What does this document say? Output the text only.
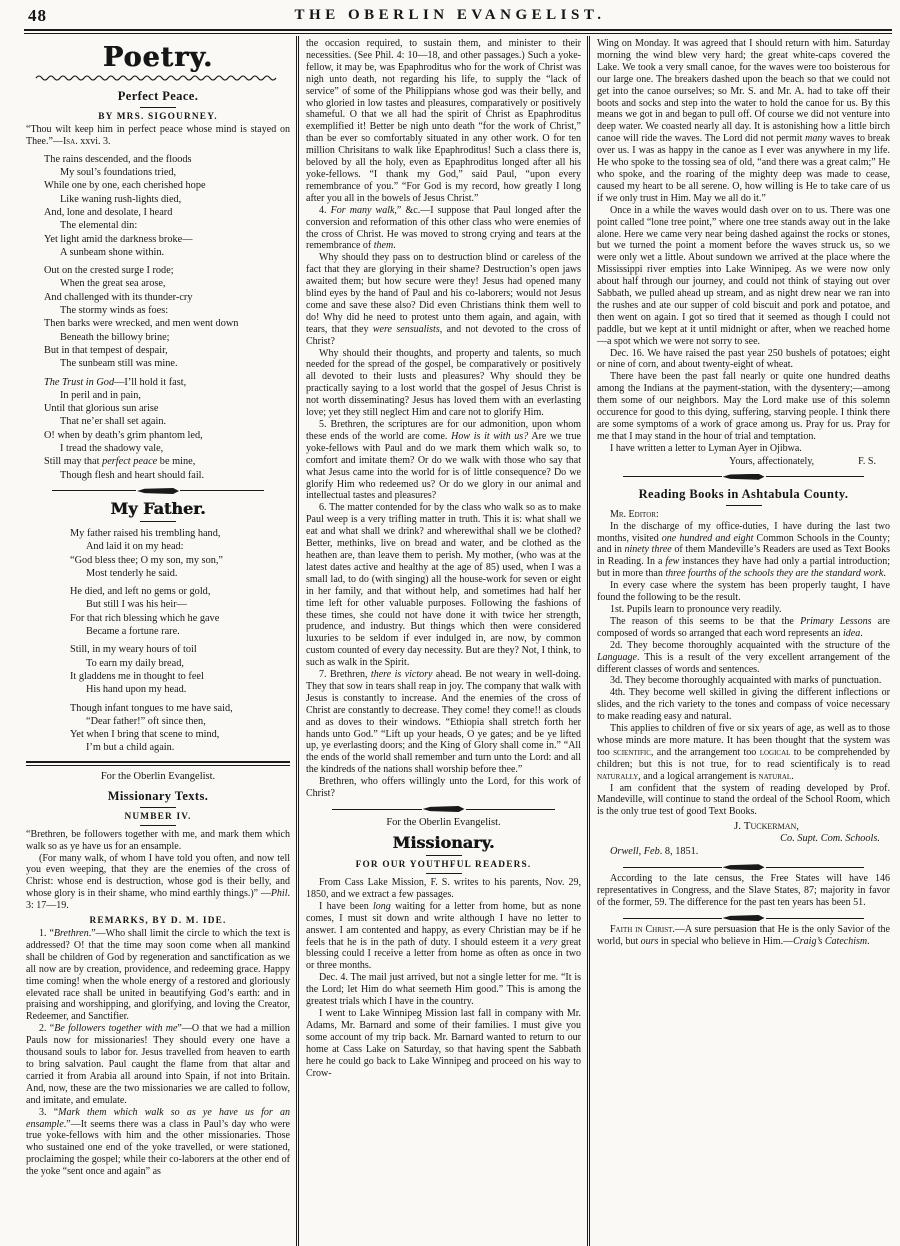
48	THE OBERLIN EVANGELIST.
Poetry.
Perfect Peace.
BY MRS. SIGOURNEY.

“Thou wilt keep him in perfect peace whose mind is stayed on Thee.”—Isa. xxvi. 3.

The rains descended, and the floods
My soul’s foundations tried,
While one by one, each cherished hope
Like waning rush-lights died,
And, lone and desolate, I heard
The elemental din:
Yet light amid the darkness broke—
A sunbeam shone within.
Out on the crested surge I rode;
When the great sea arose,
And challenged with its thunder-cry
The stormy winds as foes:
Then barks were wrecked, and men went down
Beneath the billowy brine;
But in that tempest of despair,
The sunbeam still was mine.
The Trust in God—I’ll hold it fast,
In peril and in pain,
Until that glorious sun arise
That ne’er shall set again.
O! when by death’s grim phantom led,
I tread the shadowy vale,
Still may that perfect peace be mine,
Though flesh and heart should fail.
My Father.
My father raised his trembling hand,
And laid it on my head:
“God bless thee; O my son, my son,”
Most tenderly he said.
He died, and left no gems or gold,
But still I was his heir—
For that rich blessing which he gave
Became a fortune rare.
Still, in my weary hours of toil
To earn my daily bread,
It gladdens me in thought to feel
His hand upon my head.
Though infant tongues to me have said,
“Dear father!” oft since then,
Yet when I bring that scene to mind,
I’m but a child again.
For the Oberlin Evangelist.
Missionary Texts.
NUMBER IV.

“Brethren, be followers together with me, and mark them which walk so as ye have us for an ensample.

(For many walk, of whom I have told you often, and now tell you even weeping, that they are the enemies of the cross of Christ: whose end is destruction, whose god is their belly, and whose glory is in their shame, who mind earthly things.)” —Phil. 3: 17—19.

REMARKS, BY D. M. IDE.

1. “Brethren.”—Who shall limit the circle to which the text is addressed? O! that the time may soon come when all mankind shall be children of God by regeneration and sanctification as we all now are by creation, providence, and redeeming grace. Happy time coming! when the whole energy of a restored and gloriously elevated race shall be united in beautifying God’s earth: and in praising and worshipping, and glorifying, and loving the Creator, Redeemer, and Sanctifier.

2. “Be followers together with me”—O that we had a million Pauls now for missionaries! They should every one have a thousand souls to labor for. Jesus travelled from heaven to earth to bring salvation. Paul caught the flame from that altar and carried it from Arabia all around into Spain, if not into Britain. And, now, these are the two missionaries we are called to follow, and imitate, and emulate.

3. “Mark them which walk so as ye have us for an ensample.”—It seems there was a class in Paul’s day who were true yoke-fellows with him and the other missionaries. Those who sustained one end of the yoke travelled, or were stationed, proclaiming the gospel; while their co-laborers at the other end of the yoke “sent once and again” as

the occasion required, to sustain them, and minister to their necessities. (See Phil. 4: 10—18, and other passages.) Such a yoke-fellow, it may be, was Epaphroditus who for the work of Christ was nigh unto death, not regarding his life, to supply the “lack of service” of some of the Philippians whose god was their belly, and who gloried in low tastes and pleasures, comparatively or positively shameful. O that we all had the spirit of Christ as Epaphroditus exemplified it! Better be nigh unto death “for the work of Christ,” than be ever so comfortably situated in any other work. O for ten million Chrisitans to walk like Epaphroditus! Such a class there is, beloved by all the holy, even as Epaphroditus longed after all his yoke-fellows. “I thank my God,” said Paul, “upon every remembrance of you.” “For God is my record, how greatly I long after you all in the bowels of Jesus Christ.”

4. For many walk,” &c.—I suppose that Paul longed after the conversion and reformation of this other class who were enemies of the cross of Christ. He was moved to strong crying and tears at the remembrance of them.

Why should they pass on to destruction blind or careless of the fact that they are glorying in their shame? Destruction’s open jaws awaited them; but how secure were they! Jesus had opened many blind eyes by the hand of Paul and his co-laborers; would not Jesus come and save these also? Did even Christians think them well to do! Why did he need to protest unto them again, and again, with tears, that they were sensualists, and not devoted to the cross of Christ?

Why should their thoughts, and property and talents, so much needed for the spread of the gospel, be comparatively or positively all devoted to their lusts and pleasures? Why should they be practically saying to a lost world that the gospel of Jesus Christ is not worth disseminating? Jesus has loved them with an everlasting love; yet they still neglect Him and care not to glorify Him.

5. Brethren, the scriptures are for our admonition, upon whom these ends of the world are come. How is it with us? Are we true yoke-fellows with Paul and do we mark them which walk so, to comfort and imitate them? Or do we walk with those who say that what Jesus came into the world for is of little consequence? Do we glorify Him who redeemed us? Or do we glory in our animal and intellectual tastes and pleasures?

6. The matter contended for by the class who walk so as to make Paul weep is a very trifling matter in truth. This it is: what shall we eat and what shall we drink? and wherewithal shall we be clothed? Better, methinks, live on bread and water, and be clothed as the heathen are, than leave them to perish. My mother, (who was at the latest dates active and healthy at the age of 85) used, when I was a small lad, to do (with singing) all the house-work for seven or eight in her family, and that without help, and sometimes had half her time left for other valuable purposes. Following the fashions of these times, she could not have done it with twice her strength, prudence, and industry. But things which then were considered luxuries to be seldom if ever indulged in, are now, by common custom counted of every day necessity. But are they? Not, I think, to such as walk in the Spirit.

7. Brethren, there is victory ahead. Be not weary in well-doing. They that sow in tears shall reap in joy. The company that walk with Jesus is constantly to increase. And the enemies of the cross of Christ are constantly to decrease. They come! they come!! as clouds and as doves to their windows. “Ethiopia shall stretch forth her hands unto God.” “Lift up your heads, O ye gates; and be ye lifted up, ye everlasting doors; and the King of Glory shall come in.” “All the ends of the world shall remember and turn unto the Lord: and all the kindreds of the nations shall worship before thee.”

Brethren, who offers willingly unto the Lord, for this work of Christ?

For the Oberlin Evangelist.
Missionary.
FOR OUR YOUTHFUL READERS.

From Cass Lake Mission, F. S. writes to his parents, Nov. 29, 1850, and we extract a few passages.

I have been long waiting for a letter from home, but as none comes, I must sit down and write although I have no letter to answer. I am contented and happy, as every Christian may be if he feels that he is in the path of duty. I should esteem it a very great blessing could I receive a letter from home as often as once in two or three months.

Dec. 4. The mail just arrived, but not a single letter for me. “It is the Lord; let Him do what seemeth Him good.” This is among the greatest trials which I have in the country.

I went to Lake Winnipeg Mission last fall in company with Mr. Adams, Mr. Barnard and some of their families. I must give you some account of my trip back. Mr. Barnard wanted to return to our home at Cass Lake on Saturday, so that having spent the Sabbath here he could go back to Lake Winnipeg and proceed on his way to Crow-

Wing on Monday. It was agreed that I should return with him. Saturday morning the wind blew very hard; the great white-caps covered the Lake. We took a very small canoe, for the waves were too boisterous for our large one. The breakers dashed upon the beach so that we could not get into the canoe ourselves; so Mr. S. and Mr. A. had to take off their boots and socks and step into the water to hold the canoe for us. By this means we got in and began to pull off. Of course we did not venture into deep water. We coasted nearly all day. It is astonishing how a little birch canoe will ride the waves. The Lord did not permit many waves to break over us. I was as happy in the canoe as I ever was anywhere in my life. He who spoke to the tossing sea of old, “and there was a great calm;” He who spoke, and the roaring of the mighty deep was made to cease, caused my heart to be all serene. O, how willing is He to take care of us if we only trust in Him. May we all do it.”

Once in a while the waves would dash over on to us. There was one point called “lone tree point,” where one tree stands away out in the lake alone. Here we came very near being dashed against the rocks or stones, but we turned the point a moment before the waves struck us, so we were only wet a little. About sundown we arrived at the place where the Mississippi river empties into Lake Winnipeg. As we were now only about half through our journey, and could not think of staying out over Sabbath, we pulled ahead up stream, and as night drew near we ran into the rushes and ate our supper of cold biscuit and pork and potatoe, and then went on again. I got so tired that it seemed as though I could not paddle, but we kept at it until midnight or after, when we reached home—a spot which we were not sorry to see.

Dec. 16. We have raised the past year 250 bushels of potatoes; eight or nine of corn, and about twenty-eight of wheat.

There have been the past fall nearly or quite one hundred deaths among the Indians at the payment-station, with the dysentery;—among them some of our neighbors. May the Lord make use of this solemn occurence for good to this dying, suffering, starving people. I think there are some symptoms of a work of grace among us. Pray for us. Pray for me that I may stand in the hour of trial and temptation.

I have written a letter to Lyman Ayer in Ojibwa.

Yours, affectionately,	F. S.
Reading Books in Ashtabula County.

Mr. Editor:

In the discharge of my office-duties, I have during the last two months, visited one hundred and eight Common Schools in the County; and in ninety three of them Mandeville’s Readers are used as Text Books in Reading. In a few instances they have had only a partial introduction; but in more than three fourths of the schools they are the standard work.

In every case where the system has been properly taught, I have found the following to be the result.

1st. Pupils learn to pronounce very readily.

The reason of this seems to be that the Primary Lessons are composed of words so arranged that each word represents an idea.

2d. They become thoroughly acquainted with the structure of the Language. This is a result of the very excellent arrangement of the different classes of words and sentences.

3d. They become thoroughly acquainted with marks of punctuation.

4th. They become well skilled in giving the different inflections or slides, and the rich variety to the tones and compass of voice necessary to make reading easy and natural.

This applies to children of five or six years of age, as well as to those whose minds are more mature. It has been thought that the system was too scientific, and the arrangement too logical to be comprehended by children; but this is not true, for to read scientificaly is to read naturally, and a logical arrangement is natural.

I am confident that the system of reading developed by Prof. Mandeville, will continue to stand the ordeal of the School Room, which is the only true test of good Text Books.

J. Tuckerman,
Co. Supt. Com. Schools.
Orwell, Feb. 8, 1851.

According to the late census, the Free States will have 146 representatives in Congress, and the Slave States, 87; majority in favor of the former, 59. The difference for the past ten years has been 51.

Faith in Christ.—A sure persuasion that He is the only Savior of the world, but ours in special who believe in Him.—Craig’s Catechism.
